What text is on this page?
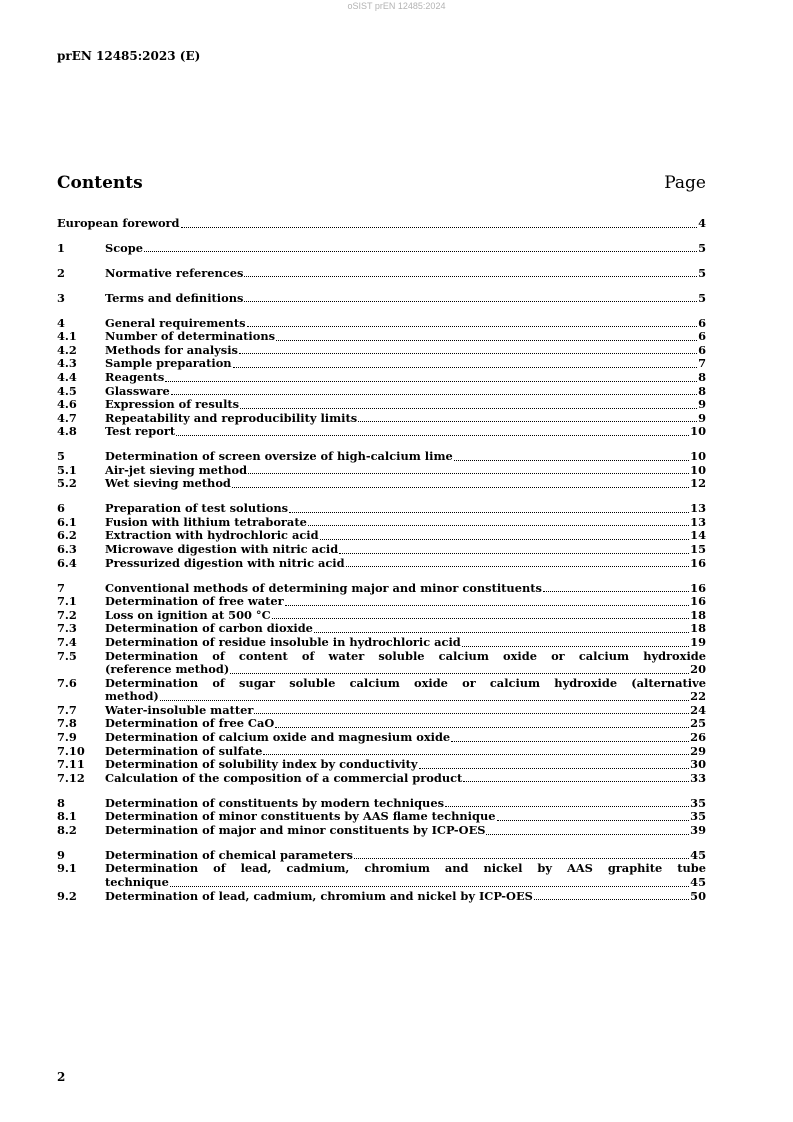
oSIST prEN 12485:2024
prEN 12485:2023 (E)
Contents	Page
European foreword	4
1	Scope	5
2	Normative references	5
3	Terms and definitions	5
4	General requirements	6
4.1	Number of determinations	6
4.2	Methods for analysis	6
4.3	Sample preparation	7
4.4	Reagents	8
4.5	Glassware	8
4.6	Expression of results	9
4.7	Repeatability and reproducibility limits	9
4.8	Test report	10
5	Determination of screen oversize of high-calcium lime	10
5.1	Air-jet sieving method	10
5.2	Wet sieving method	12
6	Preparation of test solutions	13
6.1	Fusion with lithium tetraborate	13
6.2	Extraction with hydrochloric acid	14
6.3	Microwave digestion with nitric acid	15
6.4	Pressurized digestion with nitric acid	16
7	Conventional methods of determining major and minor constituents	16
7.1	Determination of free water	16
7.2	Loss on ignition at 500 °C	18
7.3	Determination of carbon dioxide	18
7.4	Determination of residue insoluble in hydrochloric acid	19
7.5	Determination of content of water soluble calcium oxide or calcium hydroxide
(reference method)	20
7.6	Determination of sugar soluble calcium oxide or calcium hydroxide (alternative
method)	22
7.7	Water-insoluble matter	24
7.8	Determination of free CaO	25
7.9	Determination of calcium oxide and magnesium oxide	26
7.10	Determination of sulfate	29
7.11	Determination of solubility index by conductivity	30
7.12	Calculation of the composition of a commercial product	33
8	Determination of constituents by modern techniques	35
8.1	Determination of minor constituents by AAS flame technique	35
8.2	Determination of major and minor constituents by ICP-OES	39
9	Determination of chemical parameters	45
9.1	Determination of lead, cadmium, chromium and nickel by AAS graphite tube
technique	45
9.2	Determination of lead, cadmium, chromium and nickel by ICP-OES	50
2
